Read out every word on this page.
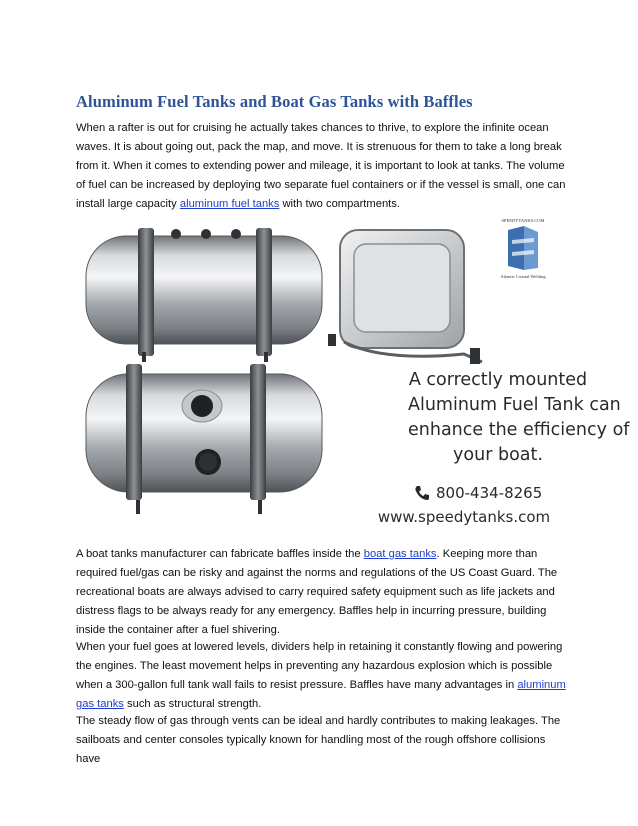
Aluminum Fuel Tanks and Boat Gas Tanks with Baffles

When a rafter is out for cruising he actually takes chances to thrive, to explore the infinite ocean waves. It is about going out, pack the map, and move. It is strenuous for them to take a long break from it. When it comes to extending power and mileage, it is important to look at tanks. The volume of fuel can be increased by deploying two separate fuel containers or if the vessel is small, one can install large capacity aluminum fuel tanks with two compartments.

SPEEDYTANKS.COM
Atlantic Coastal Welding
A correctly mounted
Aluminum Fuel Tank can
enhance the efficiency of
your boat.
800-434-8265
www.speedytanks.com

A boat tanks manufacturer can fabricate baffles inside the boat gas tanks. Keeping more than required fuel/gas can be risky and against the norms and regulations of the US Coast Guard. The recreational boats are always advised to carry required safety equipment such as life jackets and distress flags to be always ready for any emergency. Baffles help in incurring pressure, building inside the container after a fuel shivering.

When your fuel goes at lowered levels, dividers help in retaining it constantly flowing and powering the engines. The least movement helps in preventing any hazardous explosion which is possible when a 300-gallon full tank wall fails to resist pressure. Baffles have many advantages in aluminum gas tanks such as structural strength.

The steady flow of gas through vents can be ideal and hardly contributes to making leakages. The sailboats and center consoles typically known for handling most of the rough offshore collisions have
